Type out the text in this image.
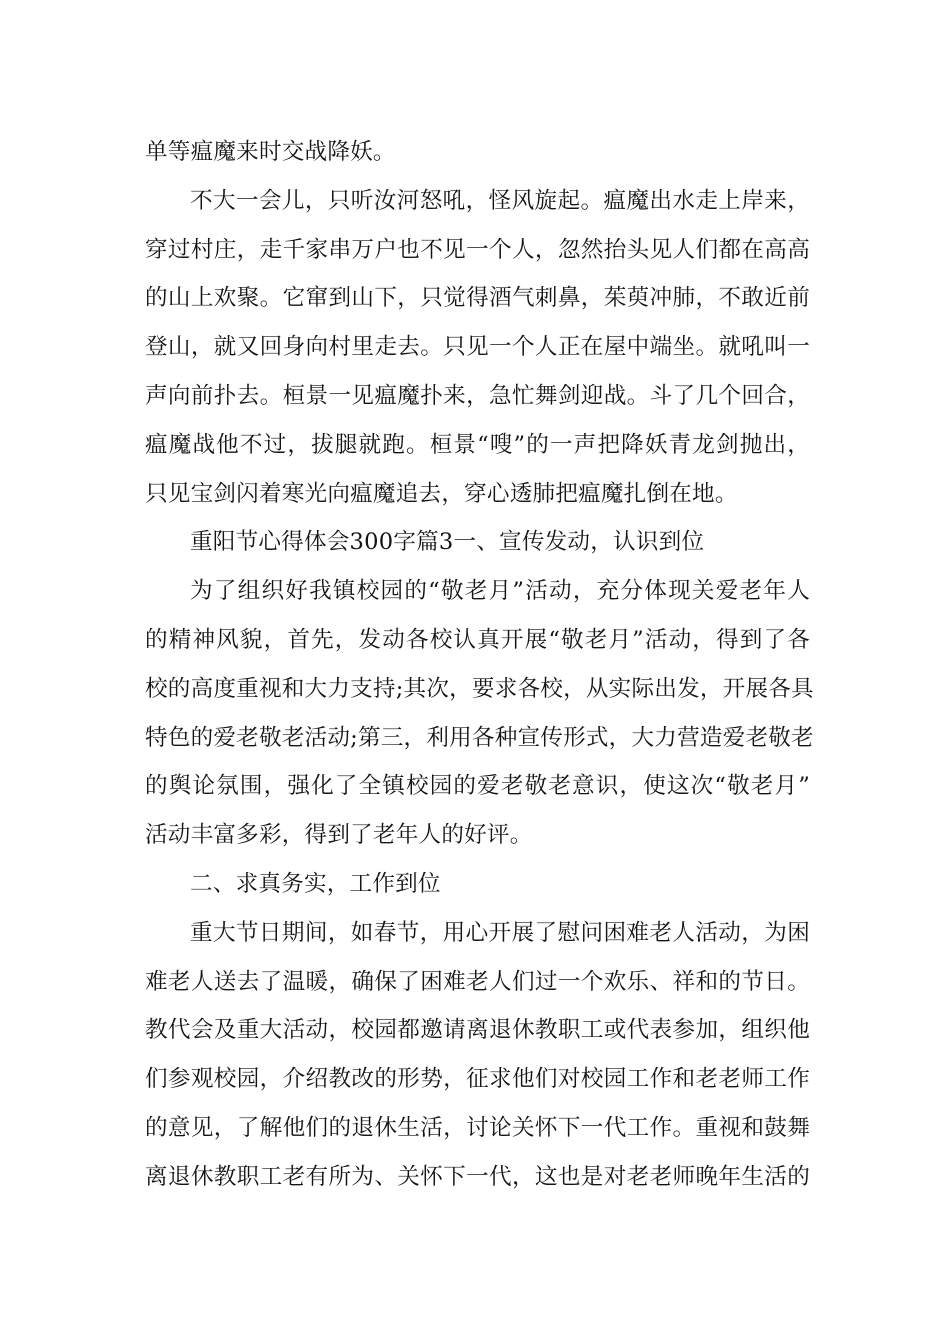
单等瘟魔来时交战降妖。

不大一会儿，只听汝河怒吼，怪风旋起。瘟魔出水走上岸来，
穿过村庄，走千家串万户也不见一个人，忽然抬头见人们都在高高
的山上欢聚。它窜到山下，只觉得酒气刺鼻，茱萸冲肺，不敢近前
登山，就又回身向村里走去。只见一个人正在屋中端坐。就吼叫一
声向前扑去。桓景一见瘟魔扑来，急忙舞剑迎战。斗了几个回合，
瘟魔战他不过，拔腿就跑。桓景“嗖”的一声把降妖青龙剑抛出，
只见宝剑闪着寒光向瘟魔追去，穿心透肺把瘟魔扎倒在地。

重阳节心得体会300字篇3一、宣传发动，认识到位

为了组织好我镇校园的“敬老月”活动，充分体现关爱老年人
的精神风貌，首先，发动各校认真开展“敬老月”活动，得到了各
校的高度重视和大力支持;其次，要求各校，从实际出发，开展各具
特色的爱老敬老活动;第三，利用各种宣传形式，大力营造爱老敬老
的舆论氛围，强化了全镇校园的爱老敬老意识，使这次“敬老月”
活动丰富多彩，得到了老年人的好评。

二、求真务实，工作到位

重大节日期间，如春节，用心开展了慰问困难老人活动，为困
难老人送去了温暖，确保了困难老人们过一个欢乐、祥和的节日。
教代会及重大活动，校园都邀请离退休教职工或代表参加，组织他
们参观校园，介绍教改的形势，征求他们对校园工作和老老师工作
的意见，了解他们的退休生活，讨论关怀下一代工作。重视和鼓舞
离退休教职工老有所为、关怀下一代，这也是对老老师晚年生活的
